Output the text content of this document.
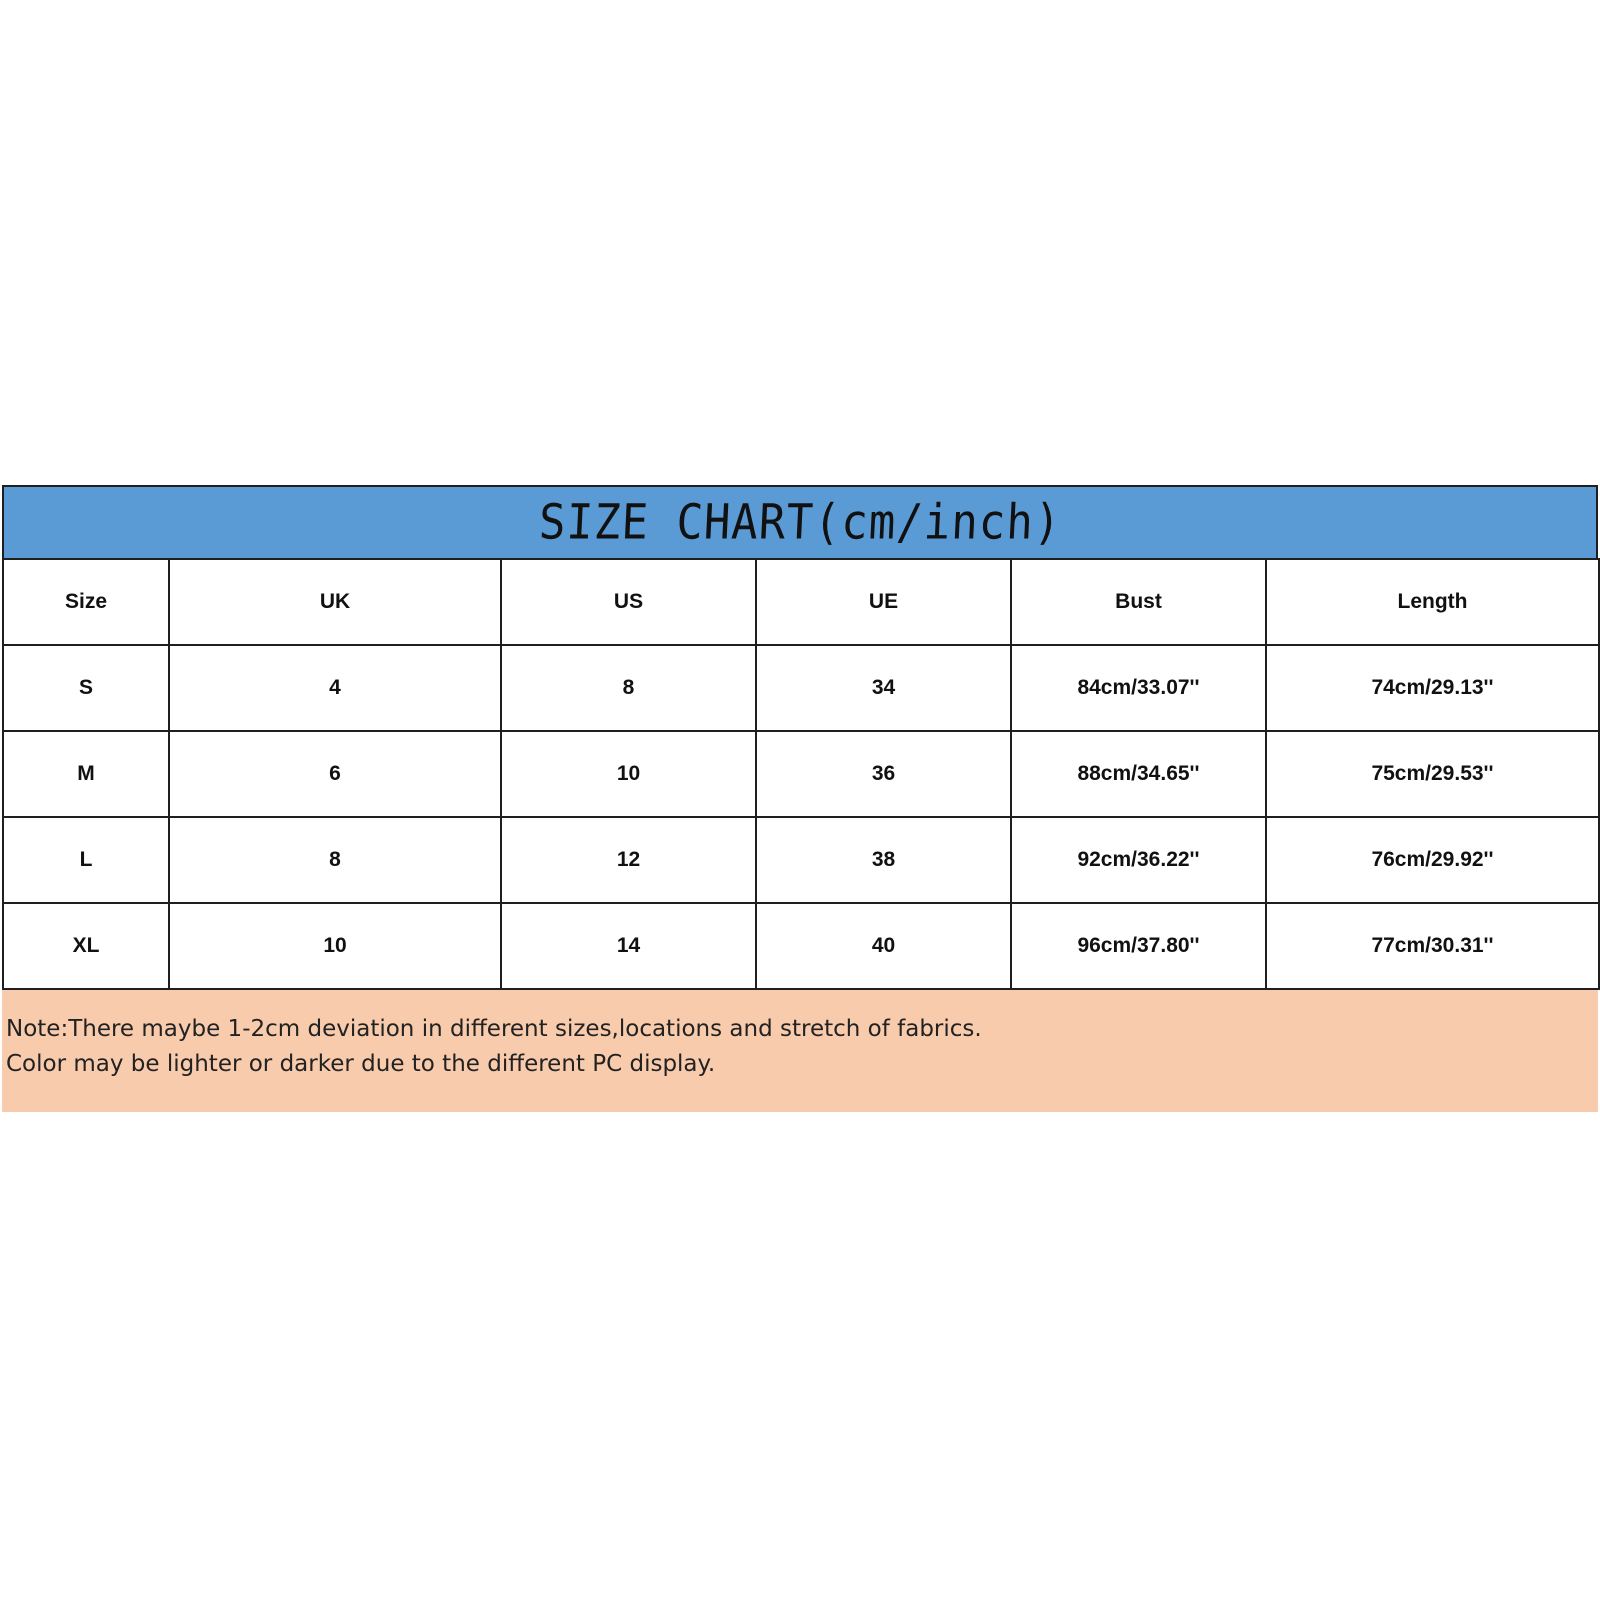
SIZE CHART(cm/inch)
Size	UK	US	UE	Bust	Length
S	4	8	34	84cm/33.07''	74cm/29.13''
M	6	10	36	88cm/34.65''	75cm/29.53''
L	8	12	38	92cm/36.22''	76cm/29.92''
XL	10	14	40	96cm/37.80''	77cm/30.31''
Note:There maybe 1-2cm deviation in different sizes,locations and stretch of fabrics.
Color may be lighter or darker due to the different PC display.
